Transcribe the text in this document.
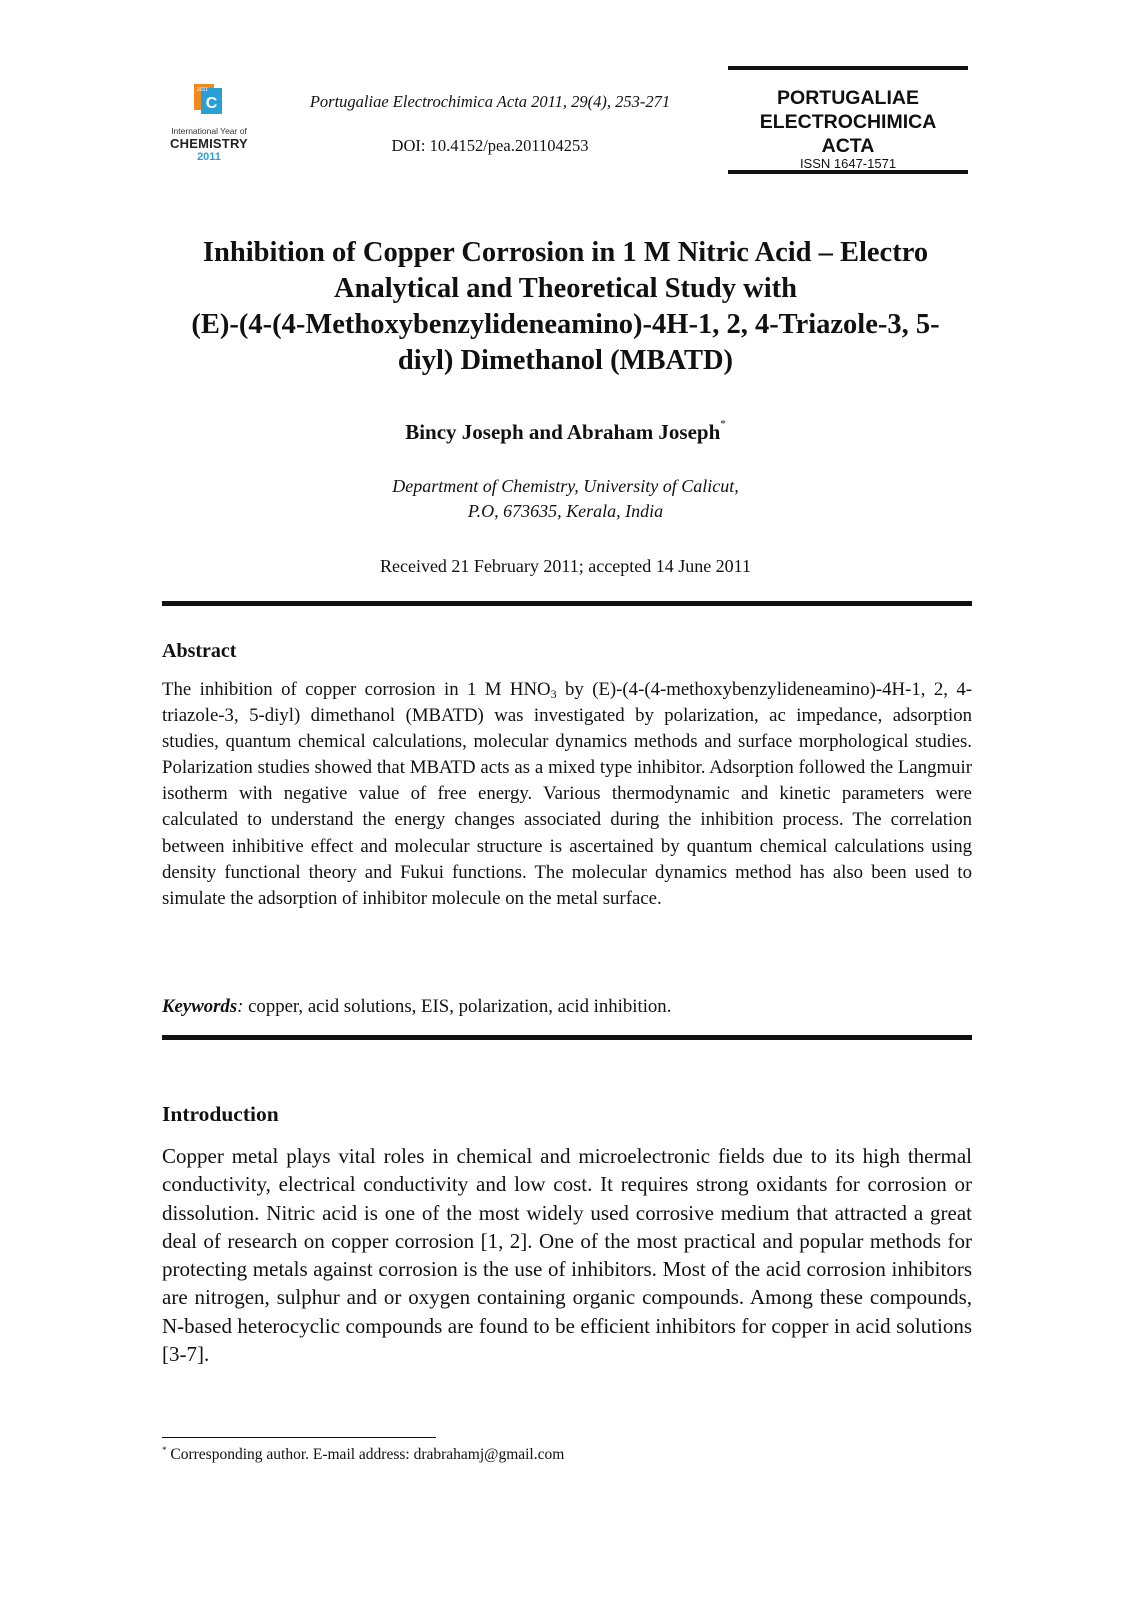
C
2011
International Year of
CHEMISTRY
2011
Portugaliae Electrochimica Acta 2011, 29(4), 253-271
DOI: 10.4152/pea.201104253
PORTUGALIAE
ELECTROCHIMICA
ACTA
ISSN 1647-1571
Inhibition of Copper Corrosion in 1 M Nitric Acid – Electro
Analytical and Theoretical Study with
(E)-(4-(4-Methoxybenzylideneamino)-4H-1, 2, 4-Triazole-3, 5-
diyl) Dimethanol (MBATD)
Bincy Joseph and Abraham Joseph*
Department of Chemistry, University of Calicut,
P.O, 673635, Kerala, India
Received 21 February 2011; accepted 14 June 2011
Abstract

The inhibition of copper corrosion in 1 M $HNO_3$ by (E)-(4-(4-methoxybenzylideneamino)-4H-1, 2, 4-triazole-3, 5-diyl) dimethanol (MBATD) was investigated by polarization, ac impedance, adsorption studies, quantum chemical calculations, molecular dynamics methods and surface morphological studies. Polarization studies showed that MBATD acts as a mixed type inhibitor. Adsorption followed the Langmuir isotherm with negative value of free energy. Various thermodynamic and kinetic parameters were calculated to understand the energy changes associated during the inhibition process. The correlation between inhibitive effect and molecular structure is ascertained by quantum chemical calculations using density functional theory and Fukui functions. The molecular dynamics method has also been used to simulate the adsorption of inhibitor molecule on the metal surface.

Keywords: copper, acid solutions, EIS, polarization, acid inhibition.
Introduction

Copper metal plays vital roles in chemical and microelectronic fields due to its high thermal conductivity, electrical conductivity and low cost. It requires strong oxidants for corrosion or dissolution. Nitric acid is one of the most widely used corrosive medium that attracted a great deal of research on copper corrosion [1, 2]. One of the most practical and popular methods for protecting metals against corrosion is the use of inhibitors. Most of the acid corrosion inhibitors are nitrogen, sulphur and or oxygen containing organic compounds. Among these compounds, N-based heterocyclic compounds are found to be efficient inhibitors for copper in acid solutions [3-7].

* Corresponding author. E-mail address: drabrahamj@gmail.com
